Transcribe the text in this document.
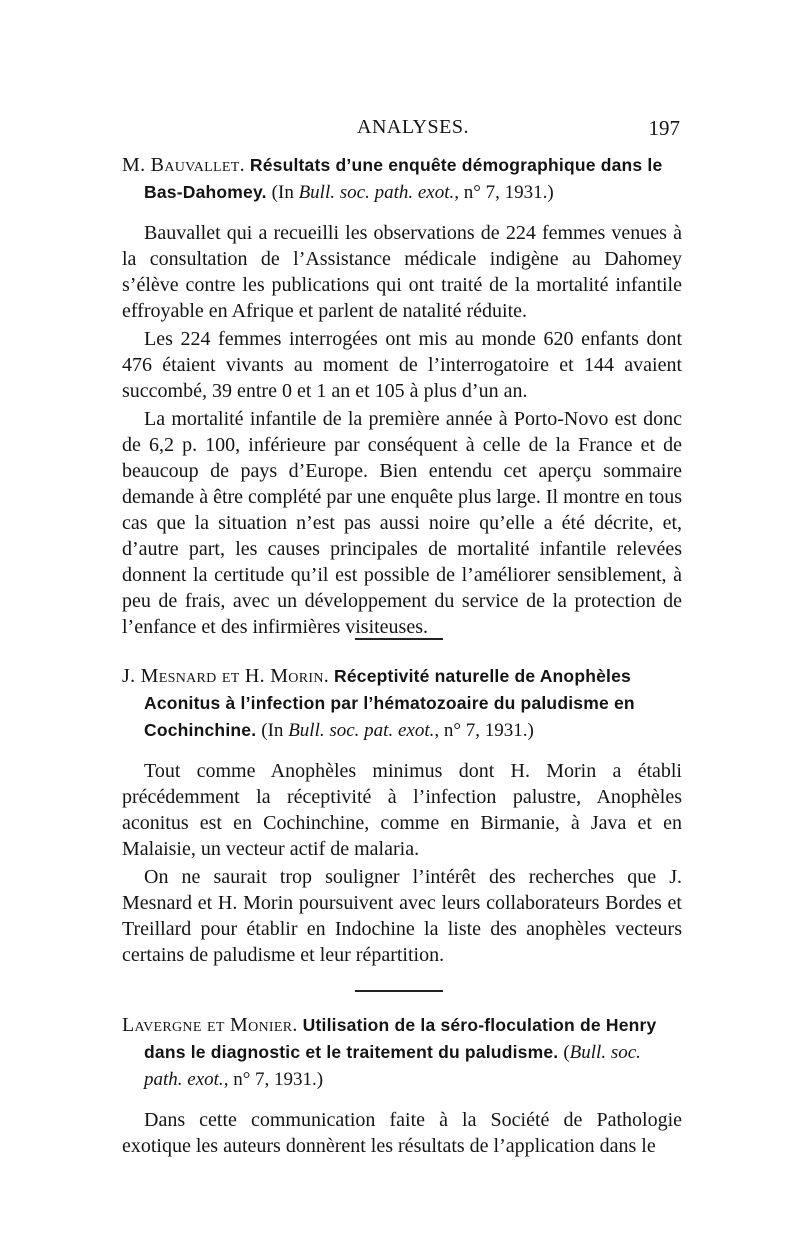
ANALYSES.	197
M. Bauvallet. Résultats d’une enquête démographique dans le Bas-Dahomey. (In Bull. soc. path. exot., n° 7, 1931.)

Bauvallet qui a recueilli les observations de 224 femmes venues à la consultation de l’Assistance médicale indigène au Dahomey s’élève contre les publications qui ont traité de la mortalité infantile effroyable en Afrique et parlent de natalité réduite.

Les 224 femmes interrogées ont mis au monde 620 enfants dont 476 étaient vivants au moment de l’interrogatoire et 144 avaient succombé, 39 entre 0 et 1 an et 105 à plus d’un an.

La mortalité infantile de la première année à Porto-Novo est donc de 6,2 p. 100, inférieure par conséquent à celle de la France et de beaucoup de pays d’Europe. Bien entendu cet aperçu sommaire demande à être complété par une enquête plus large. Il montre en tous cas que la situation n’est pas aussi noire qu’elle a été décrite, et, d’autre part, les causes principales de mortalité infantile relevées donnent la certitude qu’il est possible de l’améliorer sensiblement, à peu de frais, avec un développement du service de la protection de l’enfance et des infirmières visiteuses.

J. Mesnard et H. Morin. Réceptivité naturelle de Anophèles Aconitus à l’infection par l’hématozoaire du paludisme en Cochinchine. (In Bull. soc. pat. exot., n° 7, 1931.)

Tout comme Anophèles minimus dont H. Morin a établi précédemment la réceptivité à l’infection palustre, Anophèles aconitus est en Cochinchine, comme en Birmanie, à Java et en Malaisie, un vecteur actif de malaria.

On ne saurait trop souligner l’intérêt des recherches que J. Mesnard et H. Morin poursuivent avec leurs collaborateurs Bordes et Treillard pour établir en Indochine la liste des anophèles vecteurs certains de paludisme et leur répartition.

Lavergne et Monier. Utilisation de la séro-floculation de Henry dans le diagnostic et le traitement du paludisme. (Bull. soc. path. exot., n° 7, 1931.)

Dans cette communication faite à la Société de Pathologie exotique les auteurs donnèrent les résultats de l’application dans le
